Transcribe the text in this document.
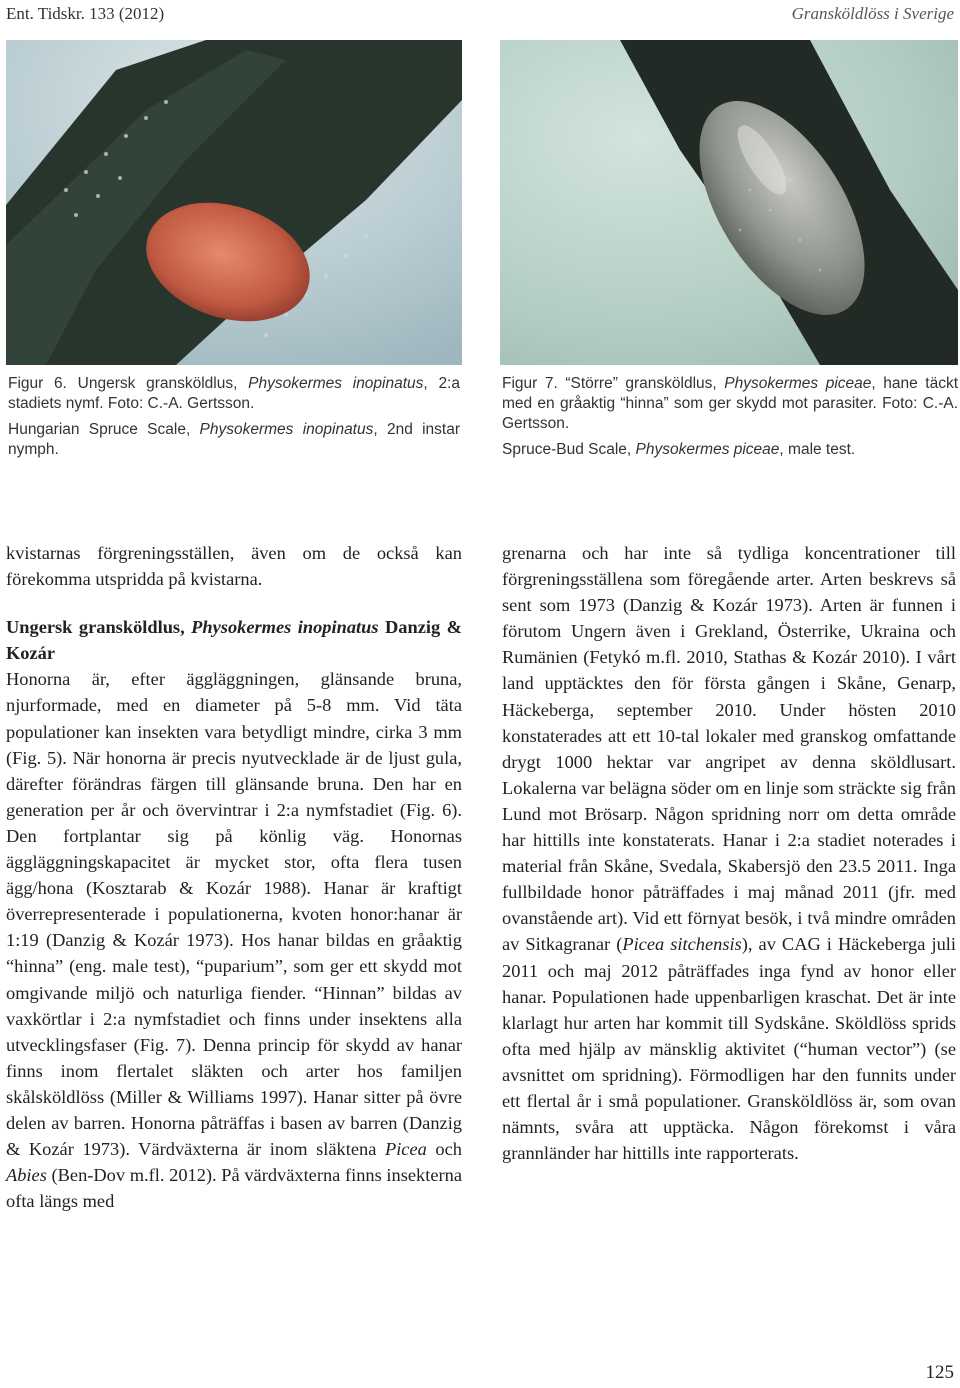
Ent. Tidskr. 133 (2012)	Gransköldlöss i Sverige

Figur 6. Ungersk gransköldlus, Physokermes inopinatus, 2:a stadiets nymf. Foto: C.-A. Gertsson.

Hungarian Spruce Scale, Physokermes inopinatus, 2nd instar nymph.

Figur 7. “Större” gransköldlus, Physokermes piceae, hane täckt med en gråaktig “hinna” som ger skydd mot parasiter. Foto: C.-A. Gertsson.

Spruce-Bud Scale, Physokermes piceae, male test.

kvistarnas förgreningsställen, även om de också kan förekomma utspridda på kvistarna.

Ungersk gransköldlus, Physokermes inopinatus Danzig & Kozár

Honorna är, efter äggläggningen, glänsande bruna, njurformade, med en diameter på 5-8 mm. Vid täta populationer kan insekten vara betydligt mindre, cirka 3 mm (Fig. 5). När honorna är precis nyutvecklade är de ljust gula, därefter förändras färgen till glänsande bruna. Den har en generation per år och övervintrar i 2:a nymfstadiet (Fig. 6). Den fortplantar sig på könlig väg. Honornas äggläggningskapacitet är mycket stor, ofta flera tusen ägg/hona (Kosztarab & Kozár 1988). Hanar är kraftigt överrepresenterade i populationerna, kvoten honor:hanar är 1:19 (Danzig & Kozár 1973). Hos hanar bildas en gråaktig “hinna” (eng. male test), “puparium”, som ger ett skydd mot omgivande miljö och naturliga fiender. “Hinnan” bildas av vaxkörtlar i 2:a nymfstadiet och finns under insektens alla utvecklingsfaser (Fig. 7). Denna princip för skydd av hanar finns inom flertalet släkten och arter hos familjen skålsköldlöss (Miller & Williams 1997). Hanar sitter på övre delen av barren. Honorna påträffas i basen av barren (Danzig & Kozár 1973). Värdväxterna är inom släktena Picea och Abies (Ben-Dov m.fl. 2012). På värdväxterna finns insekterna ofta längs med

grenarna och har inte så tydliga koncentrationer till förgreningsställena som föregående arter. Arten beskrevs så sent som 1973 (Danzig & Kozár 1973). Arten är funnen i förutom Ungern även i Grekland, Österrike, Ukraina och Rumänien (Fetykó m.fl. 2010, Stathas & Kozár 2010). I vårt land upptäcktes den för första gången i Skåne, Genarp, Häckeberga, september 2010. Under hösten 2010 konstaterades att ett 10-tal lokaler med granskog omfattande drygt 1000 hektar var angripet av denna sköldlusart. Lokalerna var belägna söder om en linje som sträckte sig från Lund mot Brösarp. Någon spridning norr om detta område har hittills inte konstaterats. Hanar i 2:a stadiet noterades i material från Skåne, Svedala, Skabersjö den 23.5 2011. Inga fullbildade honor påträffades i maj månad 2011 (jfr. med ovanstående art). Vid ett förnyat besök, i två mindre områden av Sitkagranar (Picea sitchensis), av CAG i Häckeberga juli 2011 och maj 2012 påträffades inga fynd av honor eller hanar. Populationen hade uppenbarligen kraschat. Det är inte klarlagt hur arten har kommit till Sydskåne. Sköldlöss sprids ofta med hjälp av mänsklig aktivitet (“human vector”) (se avsnittet om spridning). Förmodligen har den funnits under ett flertal år i små populationer. Gransköldlöss är, som ovan nämnts, svåra att upptäcka. Någon förekomst i våra grannländer har hittills inte rapporterats.

125
